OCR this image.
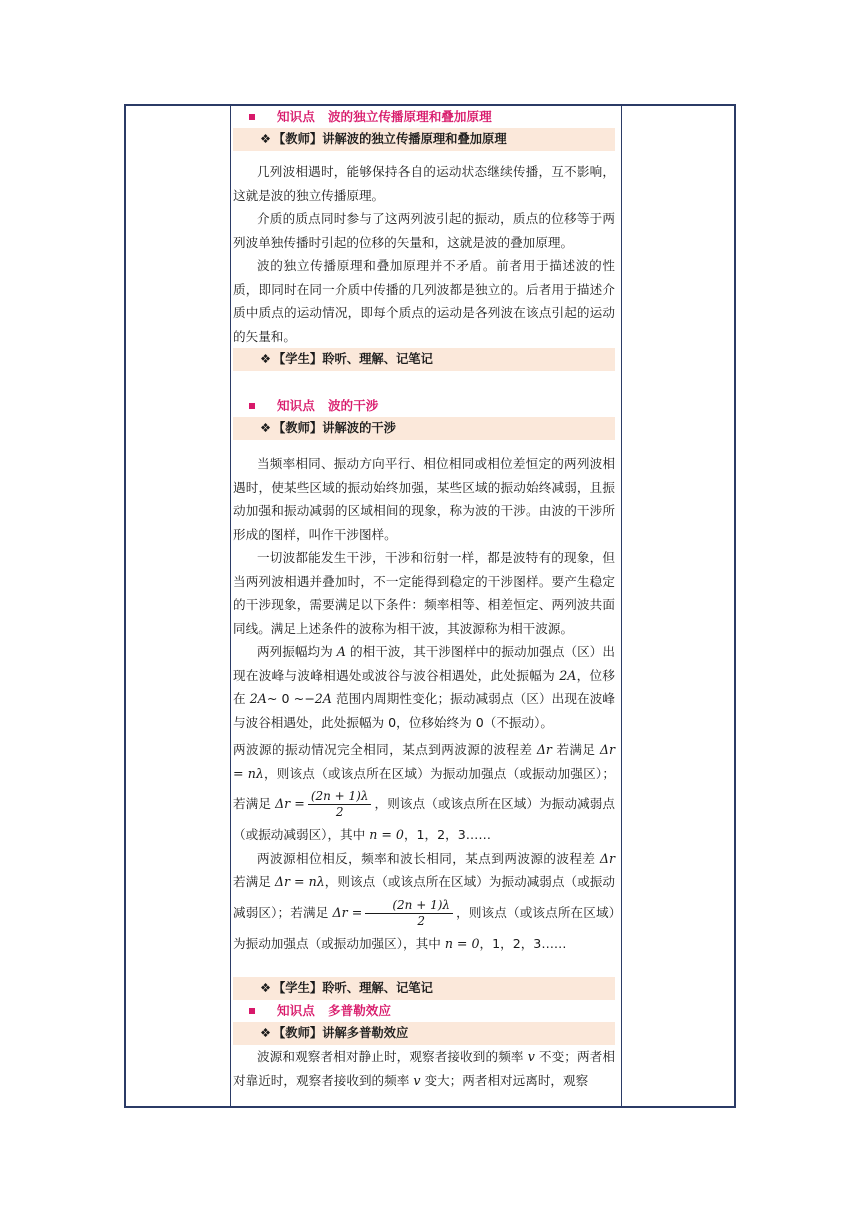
知识点 波的独立传播原理和叠加原理
❖ 【教师】讲解波的独立传播原理和叠加原理

几列波相遇时，能够保持各自的运动状态继续传播，互不影响，这就是波的独立传播原理。

介质的质点同时参与了这两列波引起的振动，质点的位移等于两列波单独传播时引起的位移的矢量和，这就是波的叠加原理。

波的独立传播原理和叠加原理并不矛盾。前者用于描述波的性质，即同时在同一介质中传播的几列波都是独立的。后者用于描述介质中质点的运动情况，即每个质点的运动是各列波在该点引起的运动的矢量和。

❖ 【学生】聆听、理解、记笔记
知识点 波的干涉
❖ 【教师】讲解波的干涉

当频率相同、振动方向平行、相位相同或相位差恒定的两列波相遇时，使某些区域的振动始终加强，某些区域的振动始终减弱，且振动加强和振动减弱的区域相间的现象，称为波的干涉。由波的干涉所形成的图样，叫作干涉图样。

一切波都能发生干涉，干涉和衍射一样，都是波特有的现象，但当两列波相遇并叠加时，不一定能得到稳定的干涉图样。要产生稳定的干涉现象，需要满足以下条件：频率相等、相差恒定、两列波共面同线。满足上述条件的波称为相干波，其波源称为相干波源。

两列振幅均为 A 的相干波，其干涉图样中的振动加强点（区）出现在波峰与波峰相遇处或波谷与波谷相遇处，此处振幅为 2A，位移在 2A~ 0 ~−2A 范围内周期性变化；振动减弱点（区）出现在波峰与波谷相遇处，此处振幅为 0，位移始终为 0（不振动）。

两波源的振动情况完全相同，某点到两波源的波程差 Δr 若满足 Δr = nλ，则该点（或该点所在区域）为振动加强点（或振动加强区）；若满足 $\Delta r = \frac{(2n + 1)\lambda}{2}$ ，则该点（或该点所在区域）为振动减弱点（或振动减弱区），其中 n = 0，1，2，3……

两波源相位相反，频率和波长相同，某点到两波源的波程差 Δr 若满足 Δr = nλ，则该点（或该点所在区域）为振动减弱点（或振动减弱区）；若满足 $\Delta r = \frac{(2n + 1)\lambda}{2}$ ，则该点（或该点所在区域）为振动加强点（或振动加强区），其中 n = 0，1，2，3……

❖ 【学生】聆听、理解、记笔记
知识点 多普勒效应
❖ 【教师】讲解多普勒效应

波源和观察者相对静止时，观察者接收到的频率 v 不变；两者相对靠近时，观察者接收到的频率 v 变大；两者相对远离时，观察
